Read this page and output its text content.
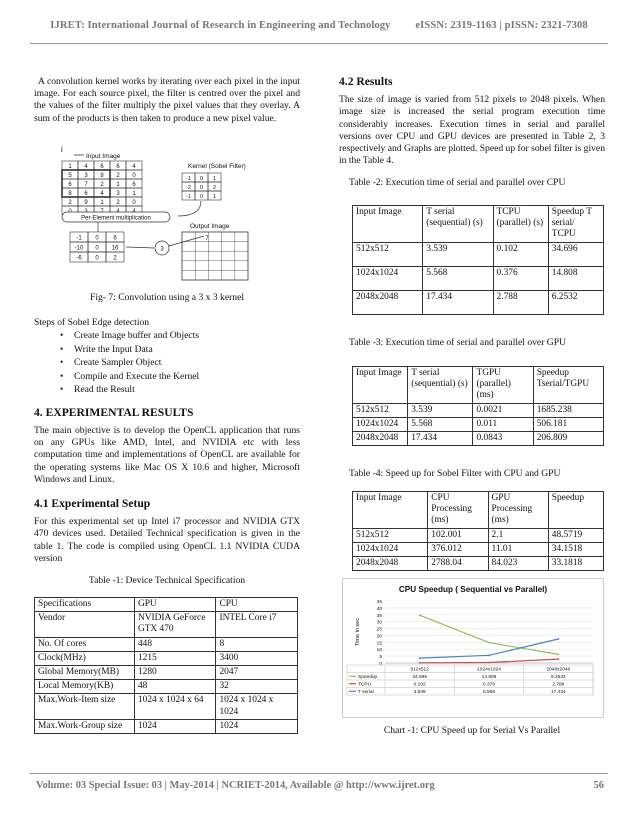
IJRET: International Journal of Research in Engineering and Technology eISSN: 2319-1163 | pISSN: 2321-7308

A convolution kernel works by iterating over each pixel in the input image. For each source pixel, the filter is centred over the pixel and the values of the filter multiply the pixel values that they overlay. A sum of the products is then taken to produce a new pixel value.

i
Input Image
1 4 6 6 4
5 3 8 2 0
6 7 2 1 6
8 6 4 3 1
2 9 1 2 0
Kernel (Sobel Filter)
-1 0 1
-2 0 2
-1 0 1
Per-Element multiplication
Output Image
7
-1 0 6
-10 0 16
-6 0 2
3
Fig- 7: Convolution using a 3 x 3 kernel

Steps of Sobel Edge detection

• Create Image buffer and Objects
• Write the Input Data
• Create Sampler Object
• Compile and Execute the Kernel
• Read the Result
4. EXPERIMENTAL RESULTS

The main objective is to develop the OpenCL application that runs on any GPUs like AMD, Intel, and NVIDIA etc with less computation time and implementations of OpenCL are available for the operating systems like Mac OS X 10.6 and higher, Microsoft Windows and Linux.

4.1 Experimental Setup

For this experimental set up Intel i7 processor and NVIDIA GTX 470 devices used. Detailed Technical specification is given in the table 1. The code is compiled using OpenCL 1.1 NVIDIA CUDA version

Table -1: Device Technical Specification

Specifications	GPU	CPU
Vendor	NVIDIA GeForce GTX 470	INTEL Core i7
No. Of cores	448	8
Clock(MHz)	1215	3400
Global Memory(MB)	1280	2047
Local Memory(KB)	48	32
Max.Work-Item size	1024 x 1024 x 64	1024 x 1024 x 1024
Max.Work-Group size	1024	1024
4.2 Results

The size of image is varied from 512 pixels to 2048 pixels. When image size is increased the serial program execution time considerably increases. Execution times in serial and parallel versions over CPU and GPU devices are presented in Table 2, 3 respectively and Graphs are plotted. Speed up for sobel filter is given in the Table 4.

Table -2: Execution time of serial and parallel over CPU

Input Image	T serial (sequential) (s)	TCPU (parallel) (s)	Speedup T serial/ TCPU
512x512	3.539	0.102	34.696
1024x1024	5.568	0.376	14.808
2048x2048	17.434	2.788	6.2532

Table -3: Execution time of serial and parallel over GPU

Input Image	T serial (sequential) (s)	TGPU (parallel) (ms)	Speedup Tserial/TGPU
512x512	3.539	0.0021	1685.238
1024x1024	5.568	0.011	506.181
2048x2048	17.434	0.0843	206.809

Table -4: Speed up for Sobel Filter with CPU and GPU

Input Image	CPU Processing (ms)	GPU Processing (ms)	Speedup
512x512	102.001	2.1	48.5719
1024x1024	376.012	11.01	34.1518
2048x2048	2788.04	84.023	33.1818
CPU Speedup ( Sequential vs Parallel)
0
5
10
15
20
25
30
35
40
45
Time in sec
512x512	1024x1024	2048x2048
Speedup	34.696	14.808	6.2532
TCPU	0.102	0.376	2.788
T serial	3.539	5.568	17.434
Chart -1: CPU Speed up for Serial Vs Parallel
Volume: 03 Special Issue: 03 | May-2014 | NCRIET-2014, Available @ http://www.ijret.org	56
